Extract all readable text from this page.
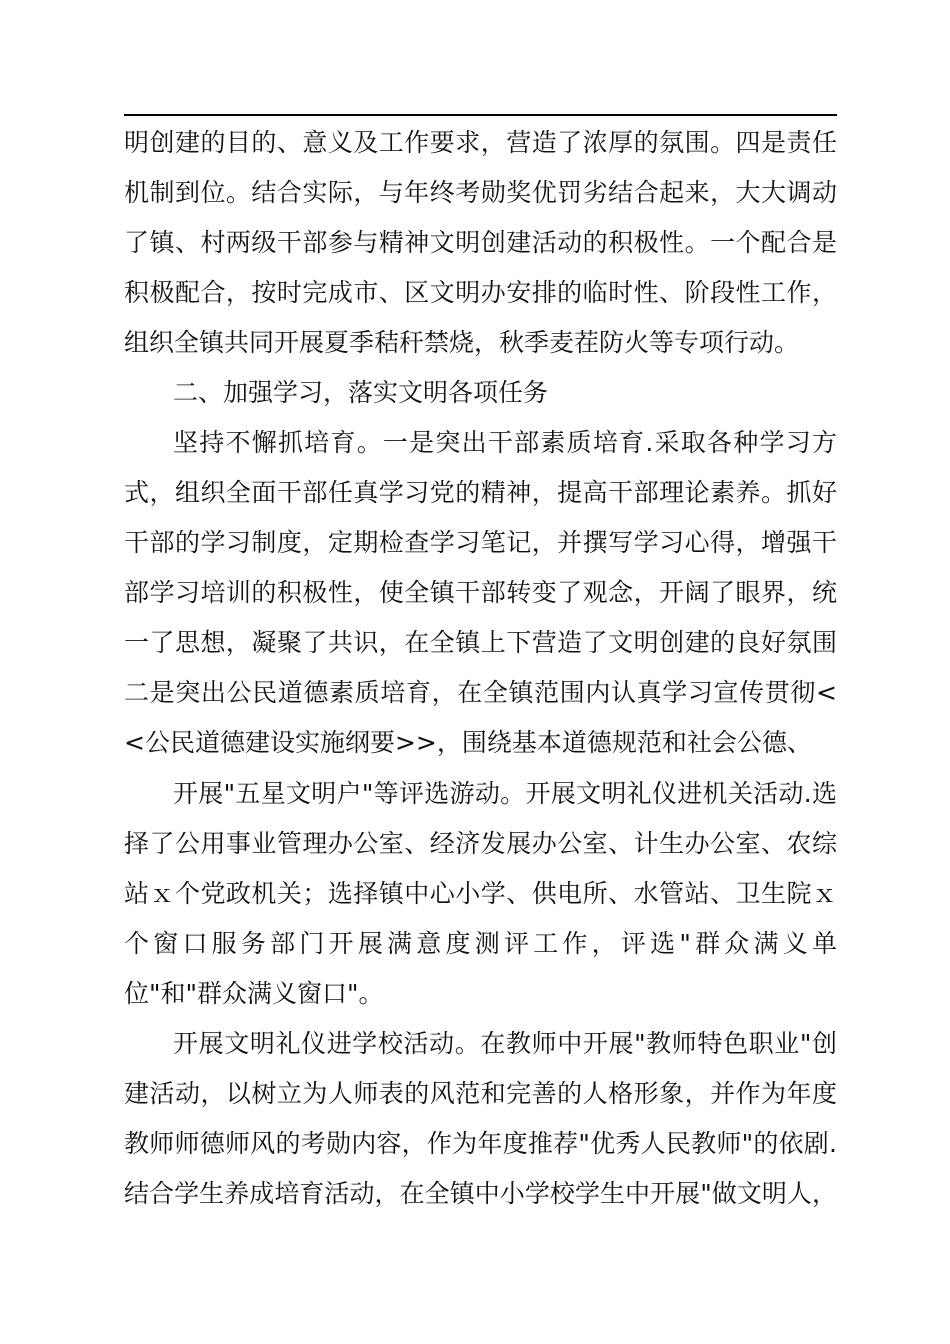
明创建的目的、意义及工作要求，营造了浓厚的氛围。四是责任
机制到位。结合实际，与年终考勋奖优罚劣结合起来，大大调动
了镇、村两级干部参与精神文明创建活动的积极性。一个配合是
积极配合，按时完成市、区文明办安排的临时性、阶段性工作，
组织全镇共同开展夏季秸秆禁烧，秋季麦茬防火等专项行动。
二、加强学习，落实文明各项任务
坚持不懈抓培育。一是突出干部素质培育.采取各种学习方
式，组织全面干部任真学习党的精神，提高干部理论素养。抓好
干部的学习制度，定期检查学习笔记，并撰写学习心得，增强干
部学习培训的积极性，使全镇干部转变了观念，开阔了眼界，统
一了思想，凝聚了共识，在全镇上下营造了文明创建的良好氛围
二是突出公民道德素质培育，在全镇范围内认真学习宣传贯彻<
<公民道德建设实施纲要>>，围绕基本道德规范和社会公德、
开展"五星文明户"等评选游动。开展文明礼仪进机关活动.选
择了公用事业管理办公室、经济发展办公室、计生办公室、农综
站ｘ个党政机关；选择镇中心小学、供电所、水管站、卫生院ｘ
个窗口服务部门开展满意度测评工作，评选"群众满义单
位"和"群众满义窗口"。
开展文明礼仪进学校活动。在教师中开展"教师特色职业"创
建活动，以树立为人师表的风范和完善的人格形象，并作为年度
教师师德师风的考勋内容，作为年度推荐"优秀人民教师"的依剧.
结合学生养成培育活动，在全镇中小学校学生中开展"做文明人，
